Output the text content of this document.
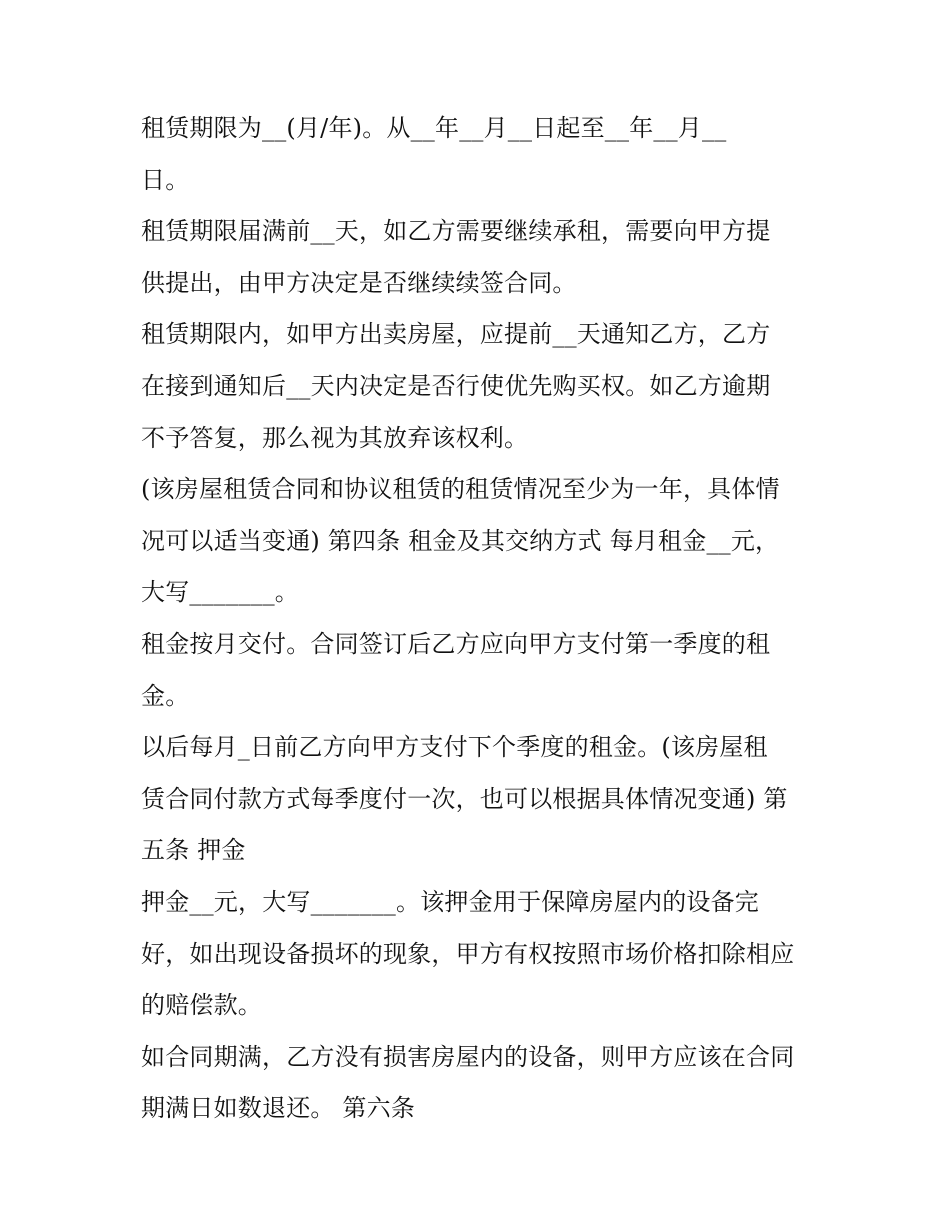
租赁期限为__(月/年)。从__年__月__日起至__年__月__
日。
租赁期限届满前__天，如乙方需要继续承租，需要向甲方提
供提出，由甲方决定是否继续续签合同。
租赁期限内，如甲方出卖房屋，应提前__天通知乙方，乙方
在接到通知后__天内决定是否行使优先购买权。如乙方逾期
不予答复，那么视为其放弃该权利。
(该房屋租赁合同和协议租赁的租赁情况至少为一年，具体情
况可以适当变通) 第四条 租金及其交纳方式 每月租金__元，
大写_______。
租金按月交付。合同签订后乙方应向甲方支付第一季度的租
金。
以后每月_日前乙方向甲方支付下个季度的租金。(该房屋租
赁合同付款方式每季度付一次，也可以根据具体情况变通) 第
五条 押金
押金__元，大写_______。该押金用于保障房屋内的设备完
好，如出现设备损坏的现象，甲方有权按照市场价格扣除相应
的赔偿款。
如合同期满，乙方没有损害房屋内的设备，则甲方应该在合同
期满日如数退还。 第六条
